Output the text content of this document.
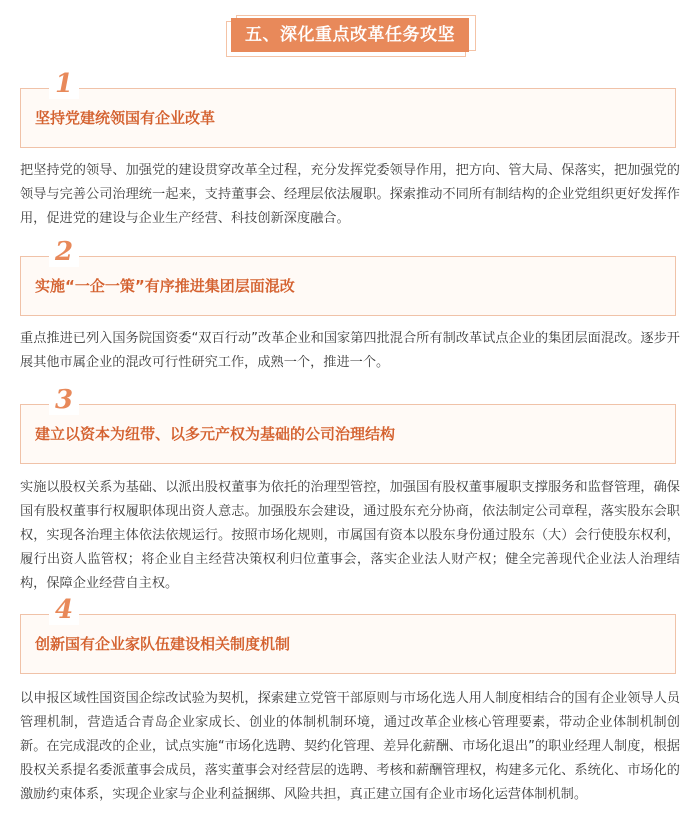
五、深化重点改革任务攻坚
1
坚持党建统领国有企业改革

把坚持党的领导、加强党的建设贯穿改革全过程，充分发挥党委领导作用，把方向、管大局、保落实，把加强党的领导与完善公司治理统一起来，支持董事会、经理层依法履职。探索推动不同所有制结构的企业党组织更好发挥作用，促进党的建设与企业生产经营、科技创新深度融合。

2
实施“一企一策”有序推进集团层面混改

重点推进已列入国务院国资委“双百行动”改革企业和国家第四批混合所有制改革试点企业的集团层面混改。逐步开展其他市属企业的混改可行性研究工作，成熟一个，推进一个。

3
建立以资本为纽带、以多元产权为基础的公司治理结构

实施以股权关系为基础、以派出股权董事为依托的治理型管控，加强国有股权董事履职支撑服务和监督管理，确保国有股权董事行权履职体现出资人意志。加强股东会建设，通过股东充分协商，依法制定公司章程，落实股东会职权，实现各治理主体依法依规运行。按照市场化规则，市属国有资本以股东身份通过股东（大）会行使股东权利，履行出资人监管权；将企业自主经营决策权利归位董事会，落实企业法人财产权；健全完善现代企业法人治理结构，保障企业经营自主权。

4
创新国有企业家队伍建设相关制度机制

以申报区域性国资国企综改试验为契机，探索建立党管干部原则与市场化选人用人制度相结合的国有企业领导人员管理机制，营造适合青岛企业家成长、创业的体制机制环境，通过改革企业核心管理要素，带动企业体制机制创新。在完成混改的企业，试点实施“市场化选聘、契约化管理、差异化薪酬、市场化退出”的职业经理人制度，根据股权关系提名委派董事会成员，落实董事会对经营层的选聘、考核和薪酬管理权，构建多元化、系统化、市场化的激励约束体系，实现企业家与企业利益捆绑、风险共担，真正建立国有企业市场化运营体制机制。
